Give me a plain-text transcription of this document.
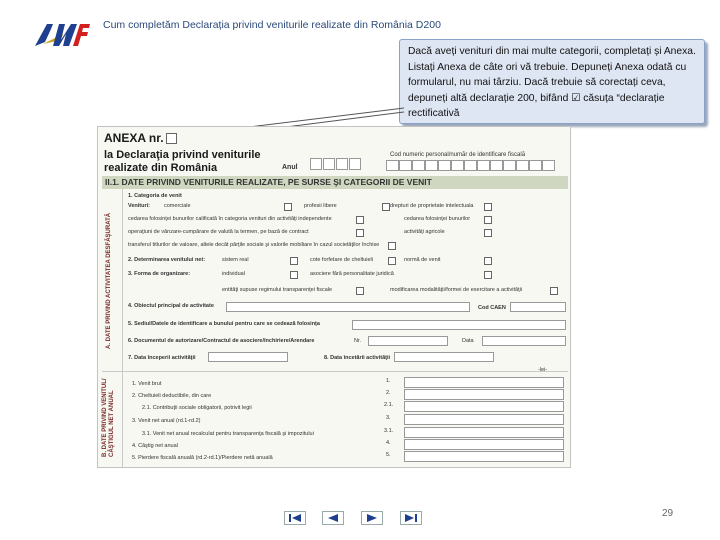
Cum completăm Declarația privind veniturile realizate din România D200
Dacă aveți venituri din mai multe categorii, completați și Anexa. Listați Anexa de câte ori vă trebuie. Depuneți Anexa odată cu formularul, nu mai târziu. Dacă trebuie să corectați ceva, depuneți altă declarație 200, bifând ☑ căsuța “declarație rectificativă
ANEXA nr.
la Declaraţia privind veniturile realizate din România	Anul
Cod numeric personal/număr de identificare fiscală
II.1. DATE PRIVIND VENITURILE REALIZATE, PE SURSE ŞI CATEGORII DE VENIT
A. DATE PRIVIND ACTIVITATEA DESFĂŞURATĂ
B. DATE PRIVIND VENITUL/ CÂŞTIGUL NET ANUAL
1. Categoria de venit
Venituri:	comerciale	profesii libere	drepturi de proprietate intelectuala
cedarea folosinţei bunurilor calificată în categoria venituri din activităţi independente	cedarea folosinţei bunurilor
operaţiuni de vânzare-cumpărare de valută la termen, pe bază de contract	activităţi agricole
transferul titlurilor de valoare, altele decât părţile sociale şi valorile mobiliare în cazul societăţilor închise
2. Determinarea venitului net:	sistem real	cote forfetare de cheltuieli	normă de venit
3. Forma de organizare:	individual	asociere fără personalitate juridică
entităţi supuse regimului transparenţei fiscale	modificarea modalităţii/formei de exercitare a activităţii
4. Obiectul principal de activitate	Cod CAEN
5. Sediul/Datele de identificare a bunului pentru care se cedează folosinţa
6. Documentul de autorizare/Contractul de asociere/închiriere/Arendare	Nr.	Data
7. Data începerii activităţii	8. Data încetării activităţii
-lei-
1. Venit brut	1.
2. Cheltuieli deductibile, din care	2.
2.1. Contribuţii sociale obligatorii, potrivit legii	2.1.
3. Venit net anual (rd.1-rd.2)	3.
3.1. Venit net anual recalculat pentru transparenţa fiscală şi impozitului	3.1.
4. Câştig net anual	4.
5. Pierdere fiscală anuală (rd.2-rd.1)/Pierdere netă anuală	5.
29
